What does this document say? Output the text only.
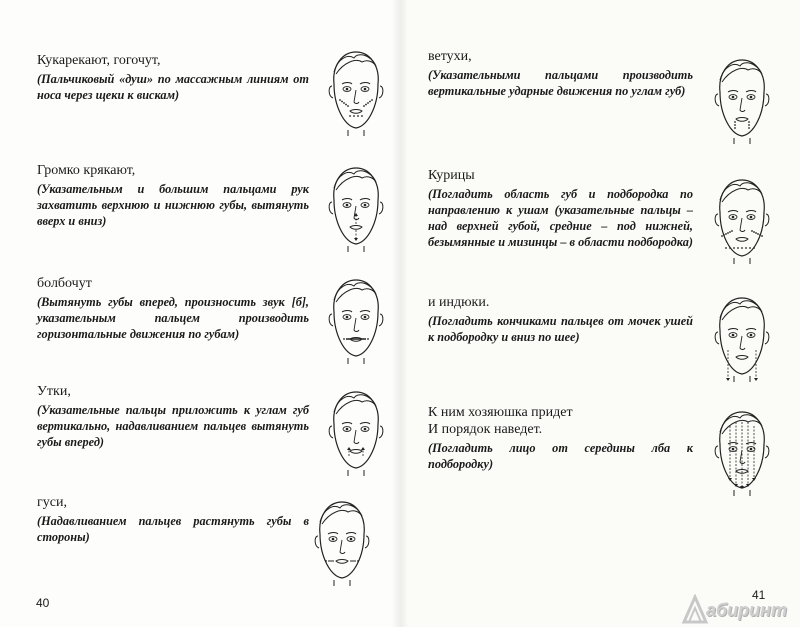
Кукарекают, гогочут,

(Пальчиковый «душ» по массажным линиям от носа через щеки к вискам)

Громко крякают,

(Указательным и большим пальцами рук захватить верхнюю и нижнюю губы, вытянуть вверх и вниз)

болбочут

(Вытянуть губы вперед, произносить звук [б], указательным пальцем производить горизонтальные движения по губам)

Утки,

(Указательные пальцы приложить к углам губ вертикально, надавливанием пальцев вытянуть губы вперед)

гуси,

(Надавливанием пальцев растянуть губы в стороны)

40

ветухи,

(Указательными пальцами производить вертикальные ударные движения по углам губ)

Курицы

(Погладить область губ и подбородка по направлению к ушам (указательные пальцы – над верхней губой, средние – под нижней, безымянные и мизинцы – в области подбородка)

и индюки.

(Погладить кончиками пальцев от мочек ушей к подбородку и вниз по шее)

К ним хозяюшка придет
И порядок наведет.

(Погладить лицо от середины лба к подбородку)

41
абиринт
